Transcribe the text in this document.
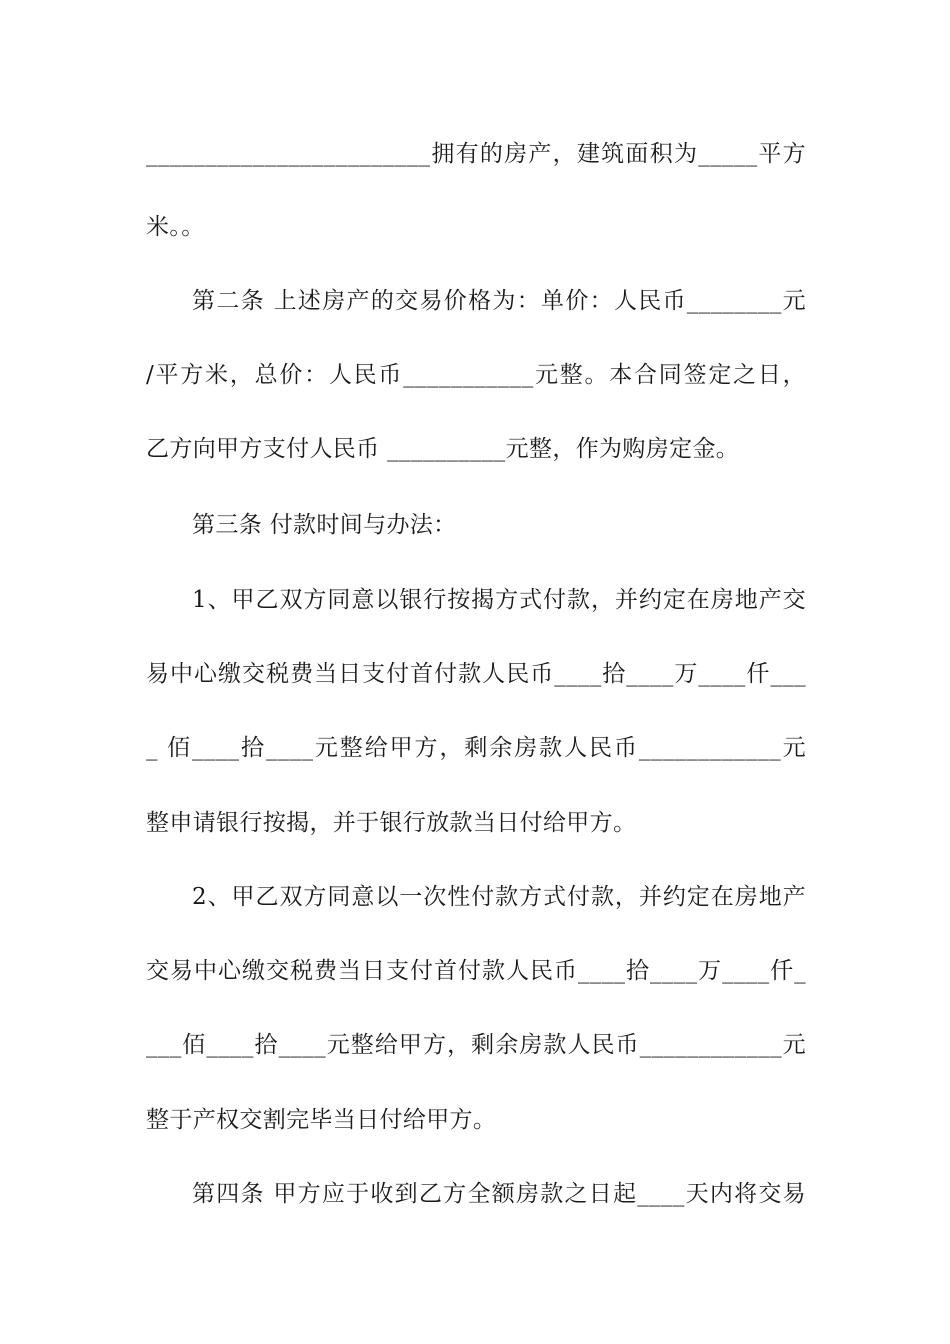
________________________拥有的房产，建筑面积为_____平方
米。。
第二条 上述房产的交易价格为：单价：人民币________元
/平方米，总价：人民币___________元整。本合同签定之日，
乙方向甲方支付人民币 __________元整，作为购房定金。
第三条 付款时间与办法：
1、甲乙双方同意以银行按揭方式付款，并约定在房地产交
易中心缴交税费当日支付首付款人民币____拾____万____仟___
_ 佰____拾____元整给甲方，剩余房款人民币____________元
整申请银行按揭，并于银行放款当日付给甲方。
2、甲乙双方同意以一次性付款方式付款，并约定在房地产
交易中心缴交税费当日支付首付款人民币____拾____万____仟_
___佰____拾____元整给甲方，剩余房款人民币____________元
整于产权交割完毕当日付给甲方。
第四条 甲方应于收到乙方全额房款之日起____天内将交易
